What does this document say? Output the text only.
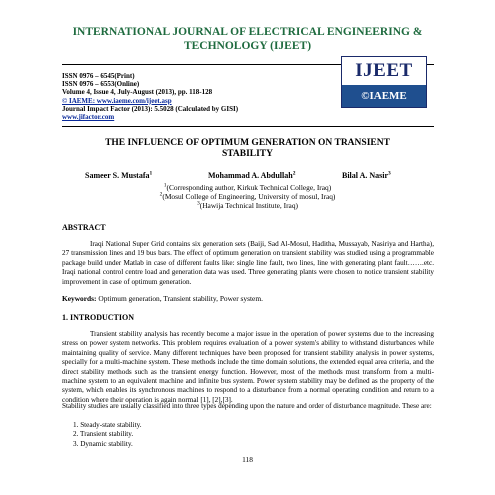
INTERNATIONAL JOURNAL OF ELECTRICAL ENGINEERING &
TECHNOLOGY (IJEET)
ISSN 0976 – 6545(Print)
ISSN 0976 – 6553(Online)
Volume 4, Issue 4, July-August (2013), pp. 118-128
© IAEME: www.iaeme.com/ijeet.asp
Journal Impact Factor (2013): 5.5028 (Calculated by GISI)
www.jifactor.com
IJEET
©IAEME
THE INFLUENCE OF OPTIMUM GENERATION ON TRANSIENT
STABILITY
Sameer S. Mustafa$^1$	Mohammad A. Abdullah$^2$	Bilal A. Nasir$^3$
$^1$(Corresponding author, Kirkuk Technical College, Iraq)
$^2$(Mosul College of Engineering, University of mosul, Iraq)
$^3$(Hawija Technical Institute, Iraq)
ABSTRACT
Iraqi National Super Grid contains six generation sets (Baiji, Sad Al-Mosul, Haditha, Mussayab, Nasiriya and Hartha), 27 transmission lines and 19 bus bars. The effect of optimum generation on transient stability was studied using a programmable package build under Matlab in case of different faults like: single line fault, two lines, line with generating plant fault…….etc. Iraqi national control centre load and generation data was used. Three generating plants were chosen to notice transient stability improvement in case of optimum generation.
Keywords: Optimum generation, Transient stability, Power system.
1. INTRODUCTION
Transient stability analysis has recently become a major issue in the operation of power systems due to the increasing stress on power system networks. This problem requires evaluation of a power system's ability to withstand disturbances while maintaining quality of service. Many different techniques have been proposed for transient stability analysis in power systems, specially for a multi-machine system. These methods include the time domain solutions, the extended equal area criteria, and the direct stability methods such as the transient energy function. However, most of the methods must transform from a multi-machine system to an equivalent machine and infinite bus system. Power system stability may be defined as the property of the system, which enables its synchronous machines to respond to a disturbance from a normal operating condition and return to a condition where their operation is again normal [1], [2],[3].
Stability studies are usually classified into three types depending upon the nature and order of disturbance magnitude. These are:
1. Steady-state stability.
2. Transient stability.
3. Dynamic stability.
118
